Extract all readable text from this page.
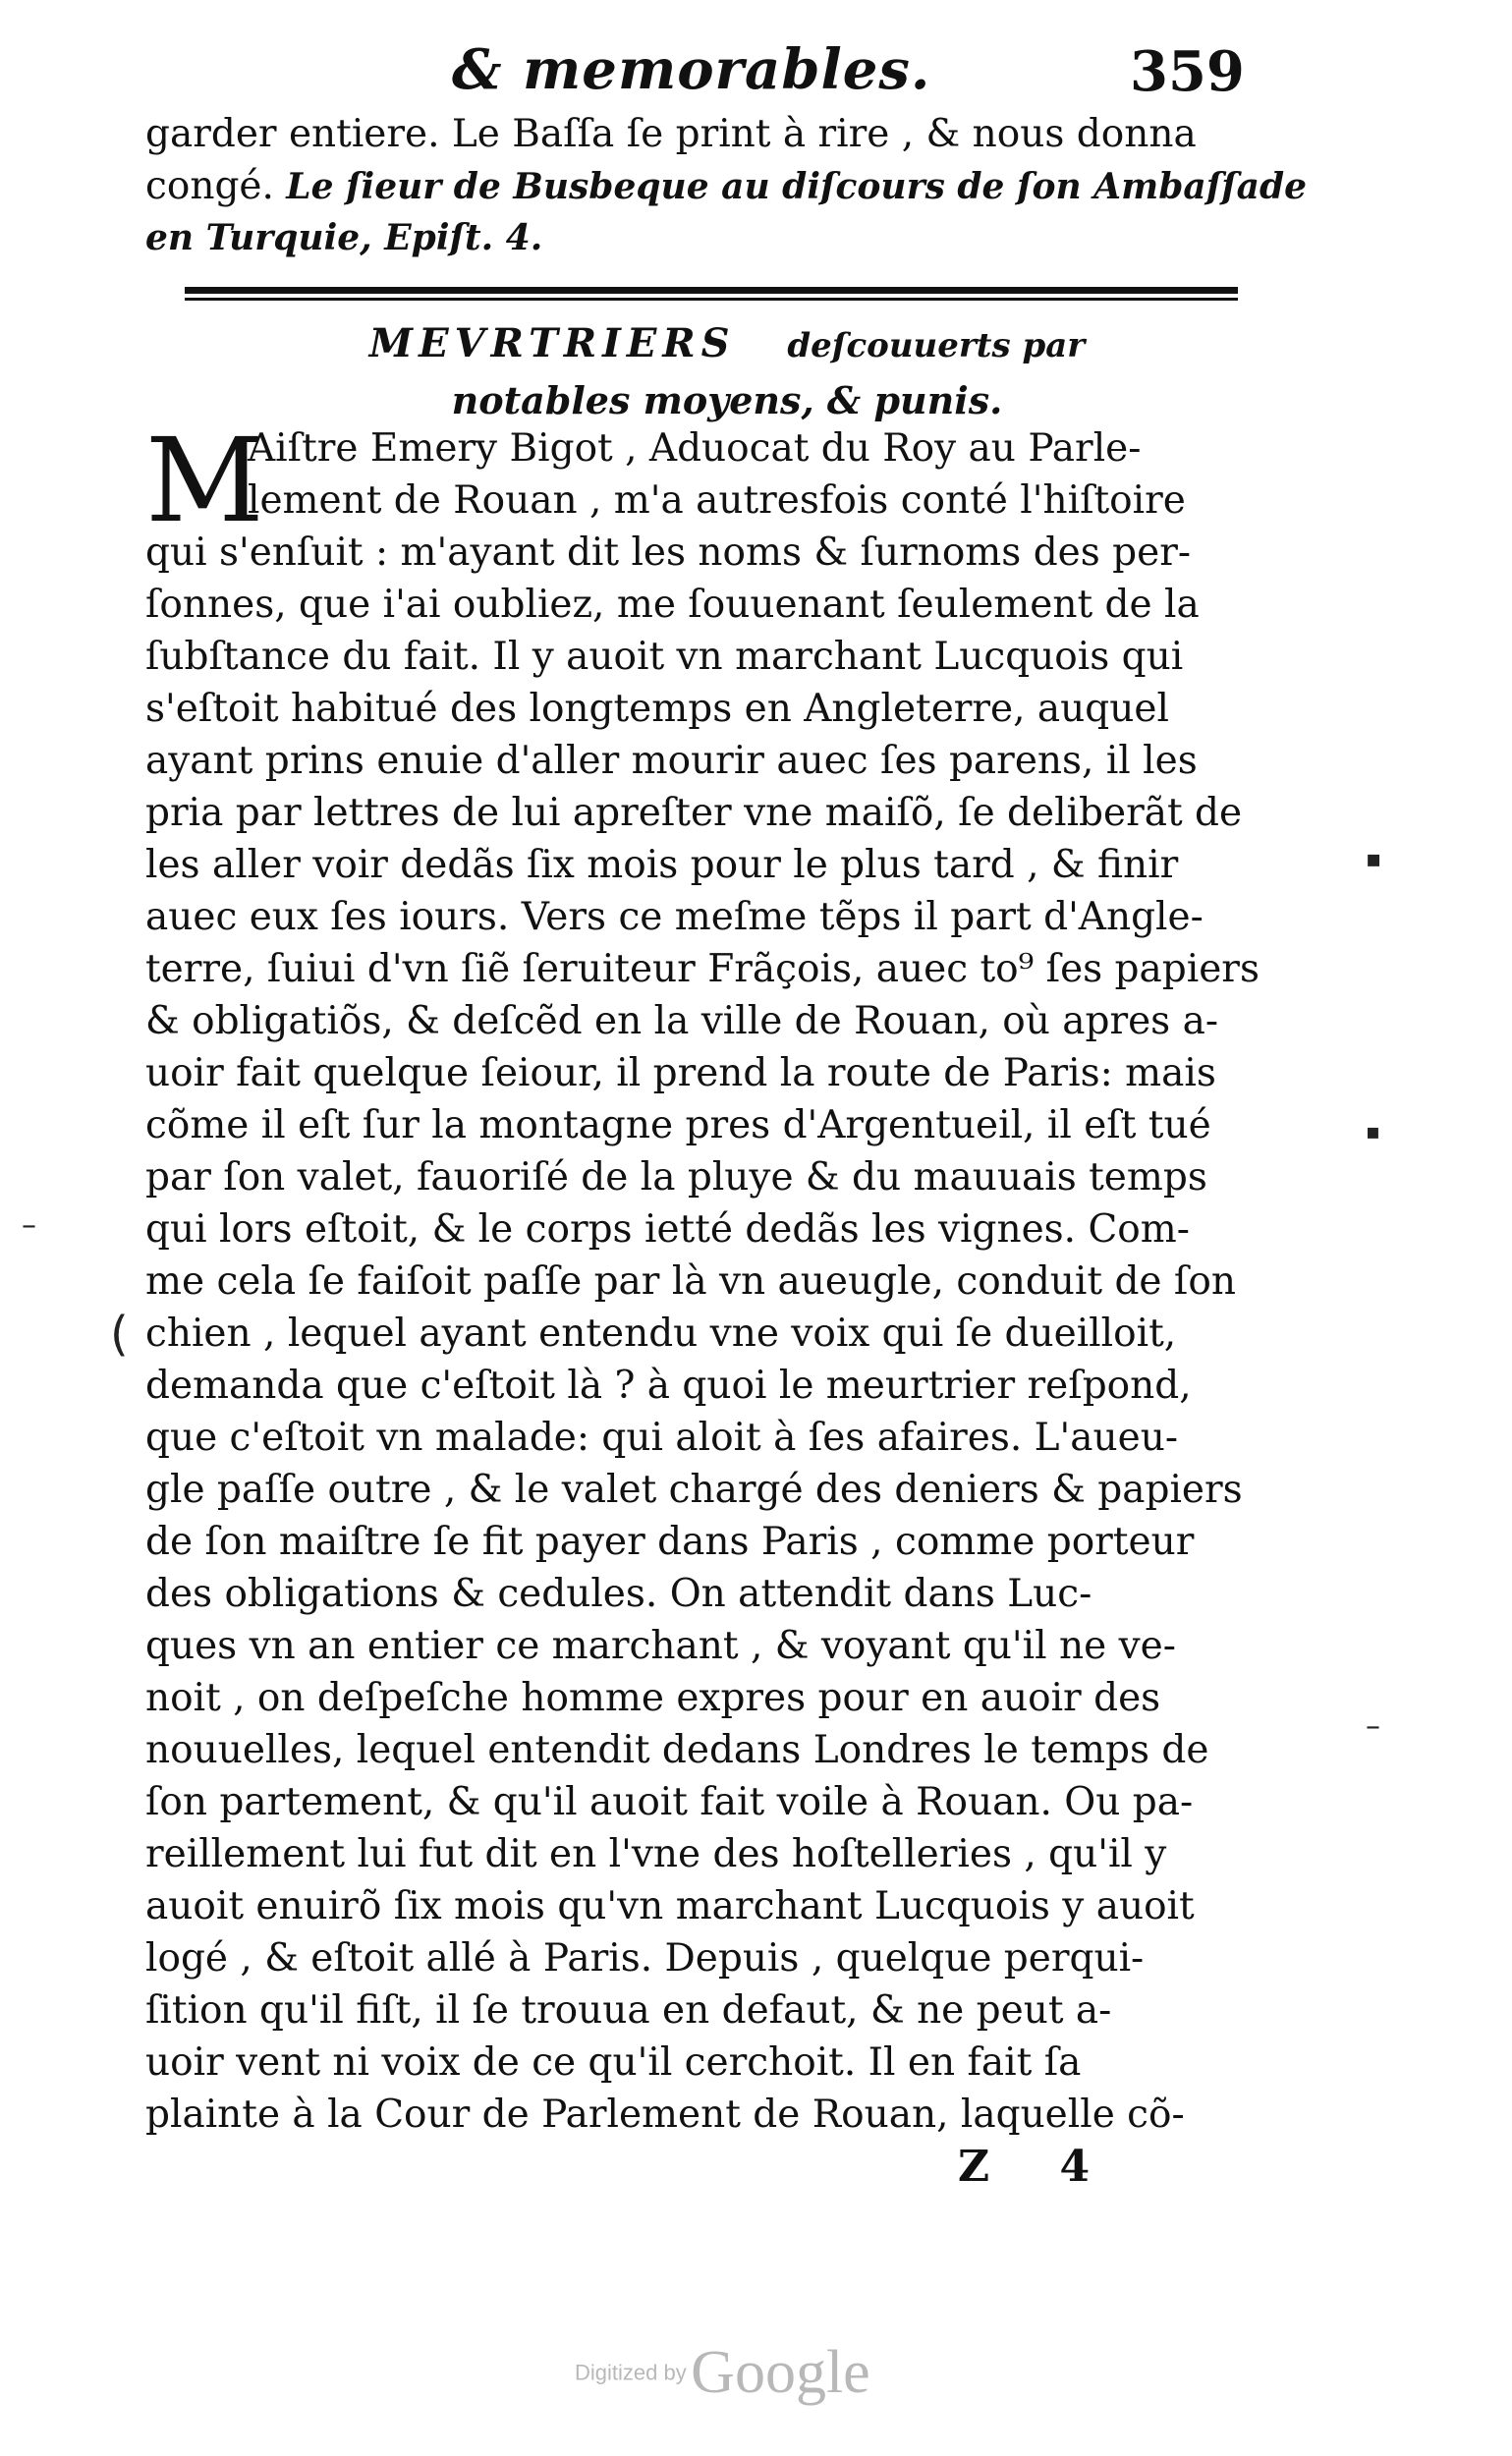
& memorables.	359
garder entiere. Le Baſſa ſe print à rire , & nous donna
congé. Le ſieur de Busbeque au diſcours de ſon Ambaſſade
en Turquie, Epiſt. 4.
MEVRTRIERS deſcouuerts par
notables moyens, & punis.
M
Aiſtre Emery Bigot , Aduocat du Roy au Parle-
lement de Rouan , m'a autresfois conté l'hiſtoire
qui s'enſuit : m'ayant dit les noms & ſurnoms des per-
ſonnes, que i'ai oubliez, me ſouuenant ſeulement de la
ſubſtance du fait. Il y auoit vn marchant Lucquois qui
s'eſtoit habitué des longtemps en Angleterre, auquel
ayant prins enuie d'aller mourir auec ſes parens, il les
pria par lettres de lui apreſter vne maiſõ, ſe deliberãt de
les aller voir dedãs ſix mois pour le plus tard , & finir
auec eux ſes iours. Vers ce meſme tẽps il part d'Angle-
terre, ſuiui d'vn ſiẽ ſeruiteur Frãçois, auec to⁹ ſes papiers
& obligatiõs, & deſcẽd en la ville de Rouan, où apres a-
uoir fait quelque ſeiour, il prend la route de Paris: mais
cõme il eſt ſur la montagne pres d'Argentueil, il eſt tué
par ſon valet, fauoriſé de la pluye & du mauuais temps
qui lors eſtoit, & le corps ietté dedãs les vignes. Com-
me cela ſe faiſoit paſſe par là vn aueugle, conduit de ſon
chien , lequel ayant entendu vne voix qui ſe dueilloit,
demanda que c'eſtoit là ? à quoi le meurtrier reſpond,
que c'eſtoit vn malade: qui aloit à ſes afaires. L'aueu-
gle paſſe outre , & le valet chargé des deniers & papiers
de ſon maiſtre ſe fit payer dans Paris , comme porteur
des obligations & cedules. On attendit dans Luc-
ques vn an entier ce marchant , & voyant qu'il ne ve-
noit , on deſpeſche homme expres pour en auoir des
nouuelles, lequel entendit dedans Londres le temps de
ſon partement, & qu'il auoit fait voile à Rouan. Ou pa-
reillement lui fut dit en l'vne des hoſtelleries , qu'il y
auoit enuirõ ſix mois qu'vn marchant Lucquois y auoit
logé , & eſtoit allé à Paris. Depuis , quelque perqui-
ſition qu'il fiſt, il ſe trouua en defaut, & ne peut a-
uoir vent ni voix de ce qu'il cerchoit. Il en fait ſa
plainte à la Cour de Parlement de Rouan, laquelle cõ-
Z 4
▪
▪
–
(
–
Digitized by Google
